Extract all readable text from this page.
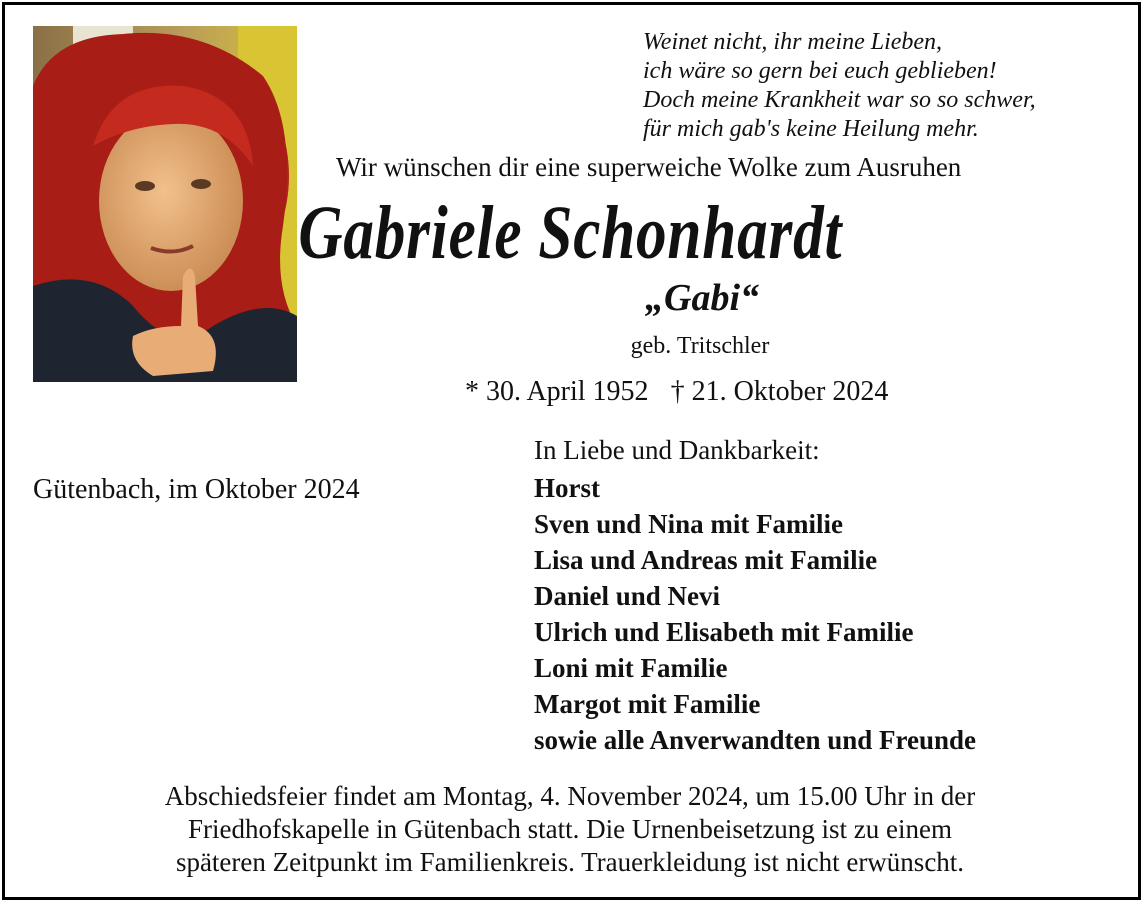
Weinet nicht, ihr meine Lieben,
ich wäre so gern bei euch geblieben!
Doch meine Krankheit war so so schwer,
für mich gab's keine Heilung mehr.
Wir wünschen dir eine superweiche Wolke zum Ausruhen
Gabriele Schonhardt
„Gabi“
geb. Tritschler
* 30. April 1952 † 21. Oktober 2024
Gütenbach, im Oktober 2024
In Liebe und Dankbarkeit:
Horst
Sven und Nina mit Familie
Lisa und Andreas mit Familie
Daniel und Nevi
Ulrich und Elisabeth mit Familie
Loni mit Familie
Margot mit Familie
sowie alle Anverwandten und Freunde
Abschiedsfeier findet am Montag, 4. November 2024, um 15.00 Uhr in der
Friedhofskapelle in Gütenbach statt. Die Urnenbeisetzung ist zu einem
späteren Zeitpunkt im Familienkreis. Trauerkleidung ist nicht erwünscht.
